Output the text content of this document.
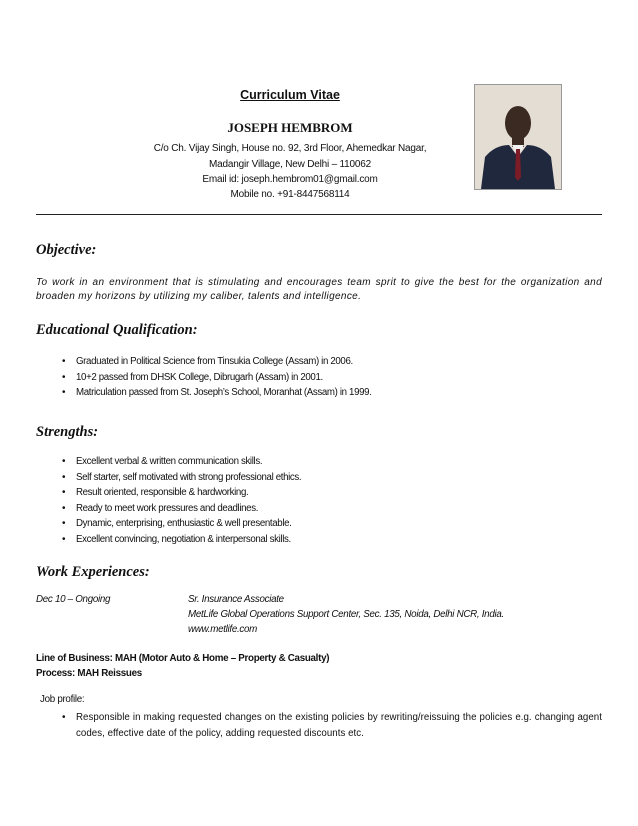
Curriculum Vitae
JOSEPH HEMBROM
C/o Ch. Vijay Singh, House no. 92, 3rd Floor, Ahemedkar Nagar,
Madangir Village, New Delhi – 110062
Email id: joseph.hembrom01@gmail.com
Mobile no. +91-8447568114
Objective:
To work in an environment that is stimulating and encourages team sprit to give the best for the organization and broaden my horizons by utilizing my caliber, talents and intelligence.
Educational Qualification:
• Graduated in Political Science from Tinsukia College (Assam) in 2006.
• 10+2 passed from DHSK College, Dibrugarh (Assam) in 2001.
• Matriculation passed from St. Joseph’s School, Moranhat (Assam) in 1999.
Strengths:
• Excellent verbal & written communication skills.
• Self starter, self motivated with strong professional ethics.
• Result oriented, responsible & hardworking.
• Ready to meet work pressures and deadlines.
• Dynamic, enterprising, enthusiastic & well presentable.
• Excellent convincing, negotiation & interpersonal skills.
Work Experiences:
Dec 10 – Ongoing	Sr. Insurance Associate
MetLife Global Operations Support Center, Sec. 135, Noida, Delhi NCR, India.
www.metlife.com
Line of Business: MAH (Motor Auto & Home – Property & Casualty)
Process: MAH Reissues
Job profile:
• Responsible in making requested changes on the existing policies by rewriting/reissuing the policies e.g. changing agent codes, effective date of the policy, adding requested discounts etc.
